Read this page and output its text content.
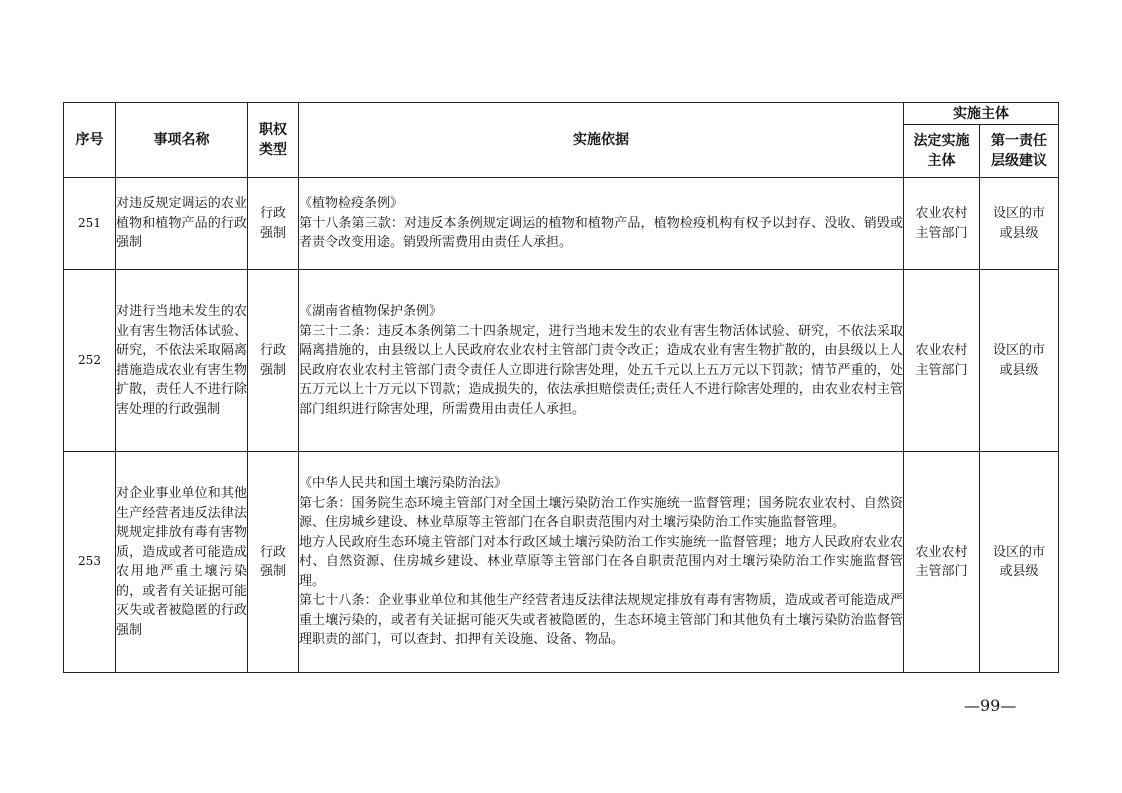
序号	事项名称	职权类型	实施依据	实施主体	
				法定实施主体	第一责任层级建议
251	对违反规定调运的农业植物和植物产品的行政强制	行政强制	《植物检疫条例》
第十八条第三款：对违反本条例规定调运的植物和植物产品，植物检疫机构有权予以封存、没收、销毁或者责令改变用途。销毁所需费用由责任人承担。	农业农村主管部门	设区的市或县级
252	对进行当地未发生的农业有害生物活体试验、研究，不依法采取隔离措施造成农业有害生物扩散，责任人不进行除害处理的行政强制	行政强制	《湖南省植物保护条例》
第三十二条：违反本条例第二十四条规定，进行当地未发生的农业有害生物活体试验、研究，不依法采取隔离措施的，由县级以上人民政府农业农村主管部门责令改正；造成农业有害生物扩散的，由县级以上人民政府农业农村主管部门责令责任人立即进行除害处理，处五千元以上五万元以下罚款；情节严重的，处五万元以上十万元以下罚款；造成损失的，依法承担赔偿责任;责任人不进行除害处理的，由农业农村主管部门组织进行除害处理，所需费用由责任人承担。	农业农村主管部门	设区的市或县级
253	对企业事业单位和其他生产经营者违反法律法规规定排放有毒有害物质，造成或者可能造成农用地严重土壤污染的，或者有关证据可能灭失或者被隐匿的行政强制	行政强制	《中华人民共和国土壤污染防治法》
第七条：国务院生态环境主管部门对全国土壤污染防治工作实施统一监督管理；国务院农业农村、自然资源、住房城乡建设、林业草原等主管部门在各自职责范围内对土壤污染防治工作实施监督管理。
地方人民政府生态环境主管部门对本行政区域土壤污染防治工作实施统一监督管理；地方人民政府农业农村、自然资源、住房城乡建设、林业草原等主管部门在各自职责范围内对土壤污染防治工作实施监督管理。
第七十八条：企业事业单位和其他生产经营者违反法律法规规定排放有毒有害物质，造成或者可能造成严重土壤污染的，或者有关证据可能灭失或者被隐匿的，生态环境主管部门和其他负有土壤污染防治监督管理职责的部门，可以查封、扣押有关设施、设备、物品。	农业农村主管部门	设区的市或县级
—99—
